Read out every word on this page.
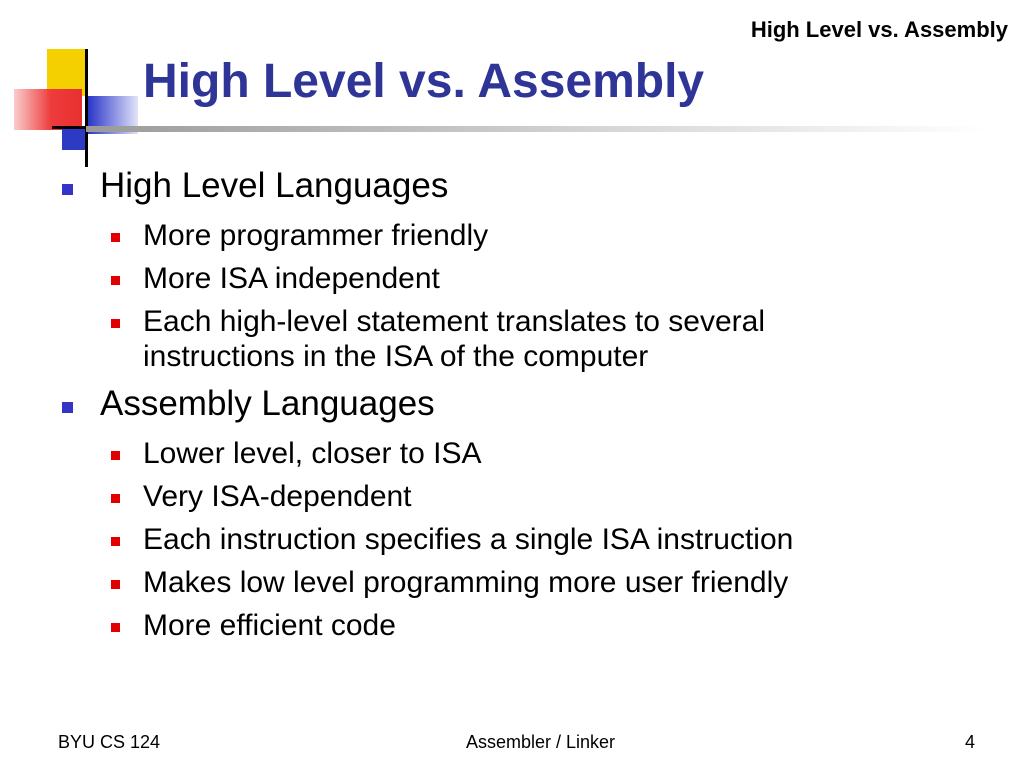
High Level vs. Assembly
High Level vs. Assembly
High Level Languages
More programmer friendly
More ISA independent
Each high-level statement translates to several instructions in the ISA of the computer
Assembly Languages
Lower level, closer to ISA
Very ISA-dependent
Each instruction specifies a single ISA instruction
Makes low level programming more user friendly
More efficient code
BYU CS 124	Assembler / Linker	4
